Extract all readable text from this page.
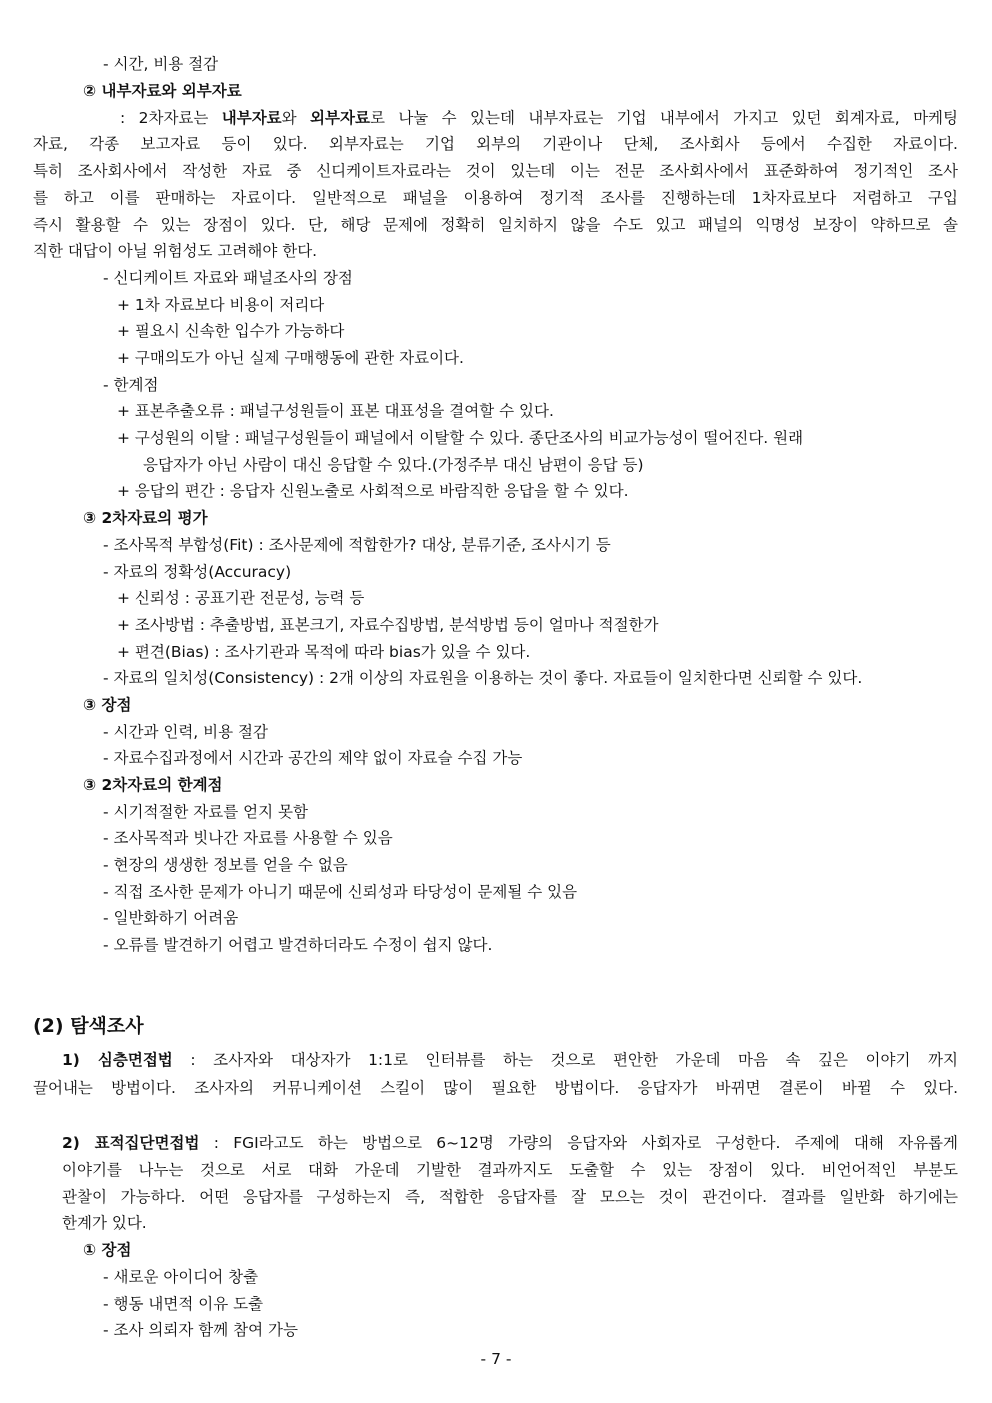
- 시간, 비용 절감
② 내부자료와 외부자료
: 2차자료는 내부자료와 외부자료로 나눌 수 있는데 내부자료는 기업 내부에서 가지고 있던 회계자료, 마케팅
자료, 각종 보고자료 등이 있다. 외부자료는 기업 외부의 기관이나 단체, 조사회사 등에서 수집한 자료이다.
특히 조사회사에서 작성한 자료 중 신디케이트자료라는 것이 있는데 이는 전문 조사회사에서 표준화하여 정기적인 조사
를 하고 이를 판매하는 자료이다. 일반적으로 패널을 이용하여 정기적 조사를 진행하는데 1차자료보다 저렴하고 구입
즉시 활용할 수 있는 장점이 있다. 단, 해당 문제에 정확히 일치하지 않을 수도 있고 패널의 익명성 보장이 약하므로 솔
직한 대답이 아닐 위험성도 고려해야 한다.
- 신디케이트 자료와 패널조사의 장점
+ 1차 자료보다 비용이 저리다
+ 필요시 신속한 입수가 가능하다
+ 구매의도가 아닌 실제 구매행동에 관한 자료이다.
- 한계점
+ 표본추출오류 : 패널구성원들이 표본 대표성을 결여할 수 있다.
+ 구성원의 이탈 : 패널구성원들이 패널에서 이탈할 수 있다. 종단조사의 비교가능성이 떨어진다. 원래
응답자가 아닌 사람이 대신 응답할 수 있다.(가정주부 대신 남편이 응답 등)
+ 응답의 편간 : 응답자 신원노출로 사회적으로 바람직한 응답을 할 수 있다.
③ 2차자료의 평가
- 조사목적 부합성(Fit) : 조사문제에 적합한가? 대상, 분류기준, 조사시기 등
- 자료의 정확성(Accuracy)
+ 신뢰성 : 공표기관 전문성, 능력 등
+ 조사방법 : 추출방법, 표본크기, 자료수집방법, 분석방법 등이 얼마나 적절한가
+ 편견(Bias) : 조사기관과 목적에 따라 bias가 있을 수 있다.
- 자료의 일치성(Consistency) : 2개 이상의 자료원을 이용하는 것이 좋다. 자료들이 일치한다면 신뢰할 수 있다.
③ 장점
- 시간과 인력, 비용 절감
- 자료수집과정에서 시간과 공간의 제약 없이 자료슬 수집 가능
③ 2차자료의 한계점
- 시기적절한 자료를 얻지 못함
- 조사목적과 빗나간 자료를 사용할 수 있음
- 현장의 생생한 정보를 얻을 수 없음
- 직접 조사한 문제가 아니기 때문에 신뢰성과 타당성이 문제될 수 있음
- 일반화하기 어려움
- 오류를 발견하기 어렵고 발견하더라도 수정이 쉽지 않다.
(2) 탐색조사
1) 심층면접법 : 조사자와 대상자가 1:1로 인터뷰를 하는 것으로 편안한 가운데 마음 속 깊은 이야기 까지
끌어내는 방법이다. 조사자의 커뮤니케이션 스킬이 많이 필요한 방법이다. 응답자가 바뀌면 결론이 바뀔 수 있다.
2) 표적집단면접법 : FGI라고도 하는 방법으로 6~12명 가량의 응답자와 사회자로 구성한다. 주제에 대해 자유롭게
이야기를 나누는 것으로 서로 대화 가운데 기발한 결과까지도 도출할 수 있는 장점이 있다. 비언어적인 부분도
관찰이 가능하다. 어떤 응답자를 구성하는지 즉, 적합한 응답자를 잘 모으는 것이 관건이다. 결과를 일반화 하기에는
한계가 있다.
① 장점
- 새로운 아이디어 창출
- 행동 내면적 이유 도출
- 조사 의뢰자 함께 참여 가능
- 7 -
